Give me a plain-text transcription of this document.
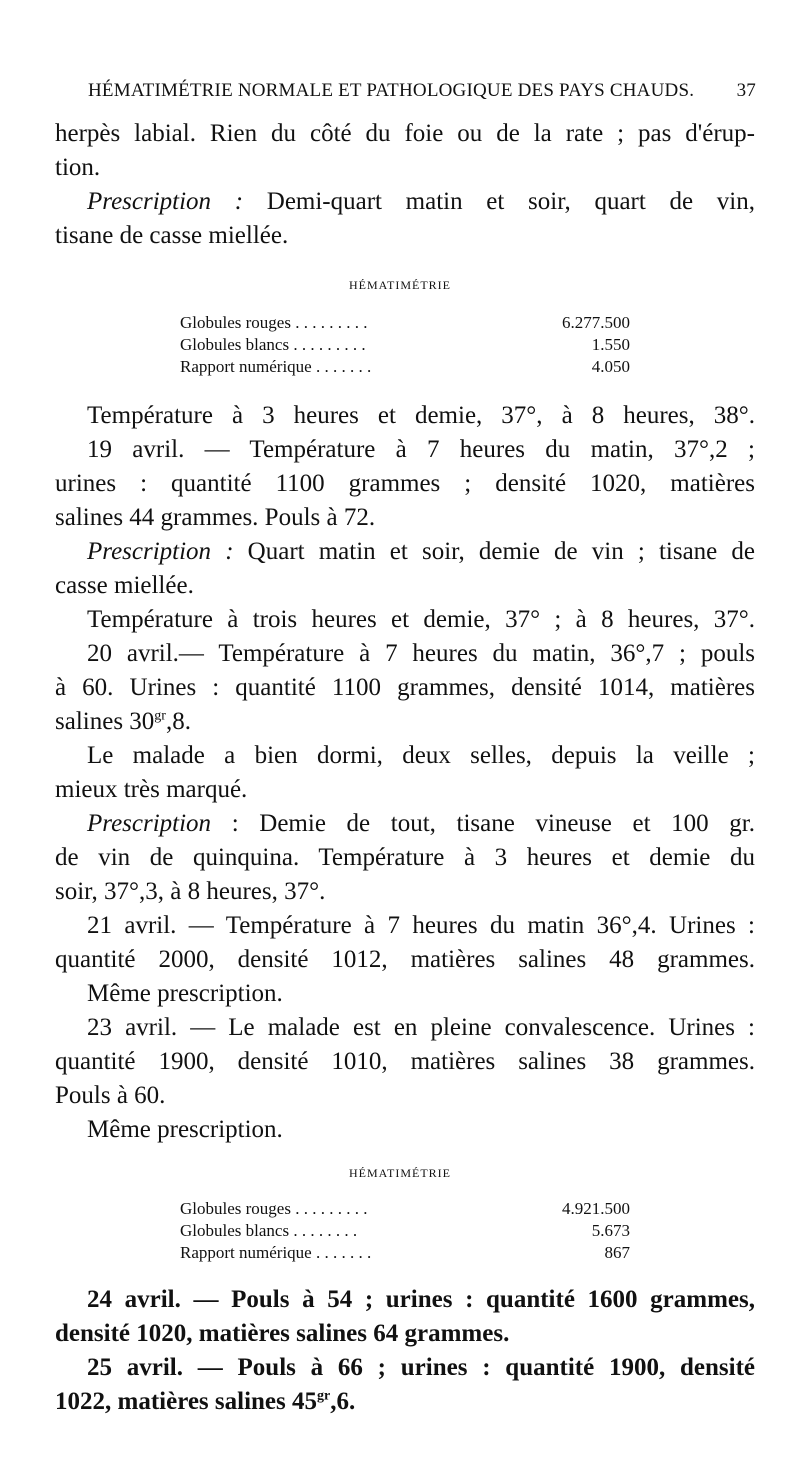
HÉMATIMÉTRIE NORMALE ET PATHOLOGIQUE DES PAYS CHAUDS. 37
herpès labial. Rien du côté du foie ou de la rate ; pas d'érup-
tion.
Prescription : Demi-quart matin et soir, quart de vin,
tisane de casse miellée.
HÉMATIMÉTRIE
Globules rouges . . . . . . . . .	6.277.500
Globules blancs . . . . . . . . .	1.550
Rapport numérique . . . . . . .	4.050
Température à 3 heures et demie, 37°, à 8 heures, 38°.
19 avril. — Température à 7 heures du matin, 37°,2 ;
urines : quantité 1100 grammes ; densité 1020, matières
salines 44 grammes. Pouls à 72.
Prescription : Quart matin et soir, demie de vin ; tisane de
casse miellée.
Température à trois heures et demie, 37° ; à 8 heures, 37°.
20 avril.— Température à 7 heures du matin, 36°,7 ; pouls
à 60. Urines : quantité 1100 grammes, densité 1014, matières
salines $30^{gr},8$.
Le malade a bien dormi, deux selles, depuis la veille ;
mieux très marqué.
Prescription : Demie de tout, tisane vineuse et 100 gr.
de vin de quinquina. Température à 3 heures et demie du
soir, 37°,3, à 8 heures, 37°.
21 avril. — Température à 7 heures du matin 36°,4. Urines :
quantité 2000, densité 1012, matières salines 48 grammes.
Même prescription.
23 avril. — Le malade est en pleine convalescence. Urines :
quantité 1900, densité 1010, matières salines 38 grammes.
Pouls à 60.
Même prescription.
HÉMATIMÉTRIE
Globules rouges . . . . . . . . .	4.921.500
Globules blancs . . . . . . . .	5.673
Rapport numérique . . . . . . .	867
24 avril. — Pouls à 54 ; urines : quantité 1600 grammes,
densité 1020, matières salines 64 grammes.
25 avril. — Pouls à 66 ; urines : quantité 1900, densité
1022, matières salines $45^{gr},6$.
